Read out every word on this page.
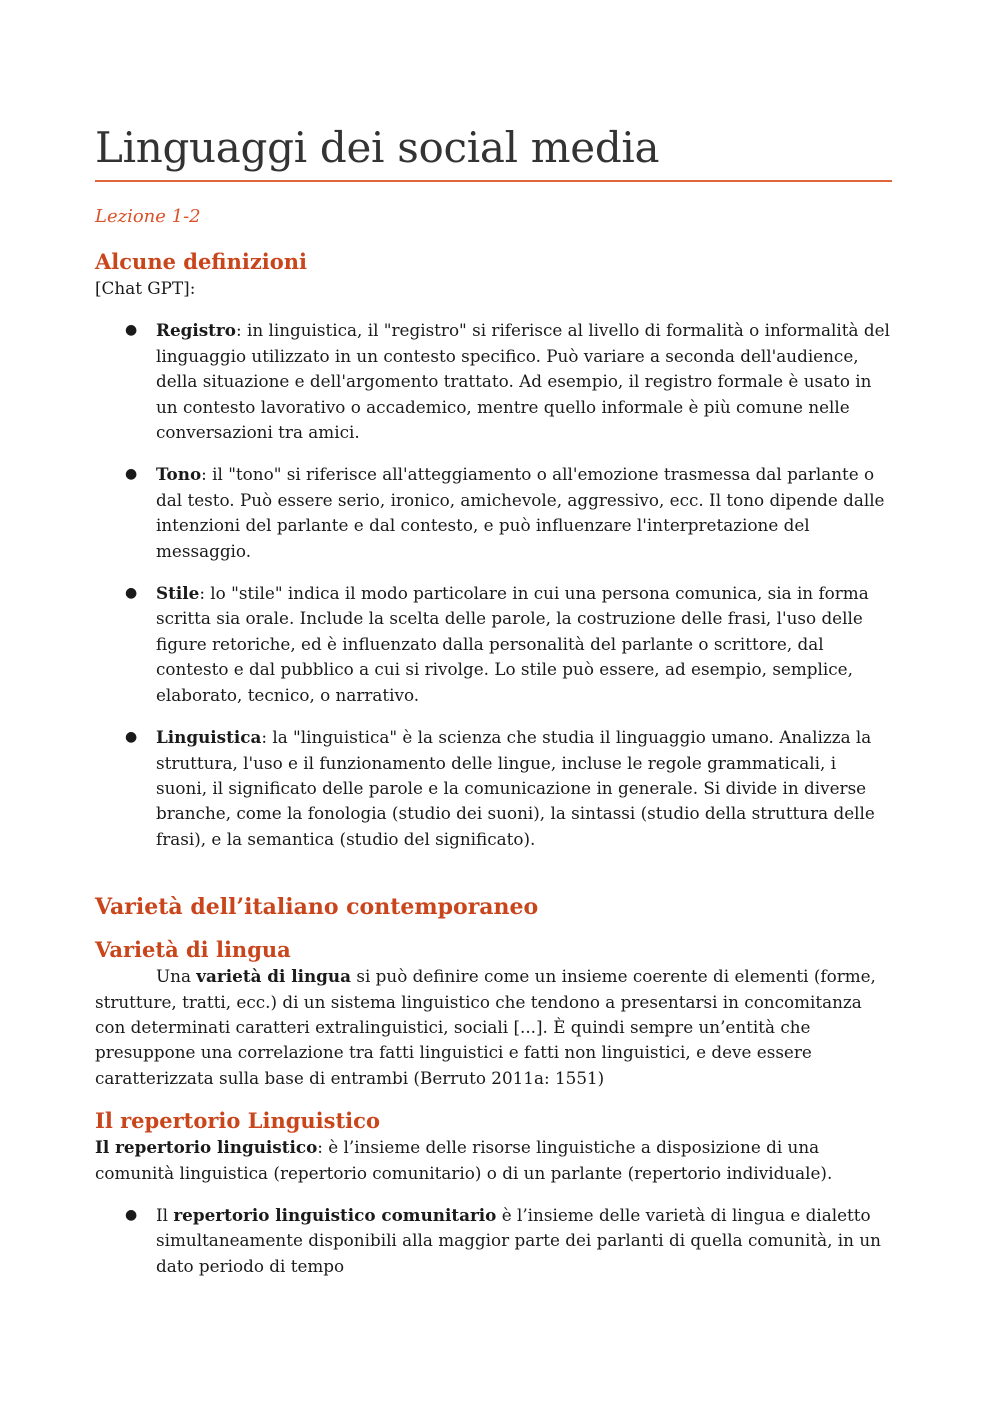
Linguaggi dei social media

Lezione 1-2

Alcune definizioni

[Chat GPT]:

● Registro: in linguistica, il "registro" si riferisce al livello di formalità o informalità del linguaggio utilizzato in un contesto specifico. Può variare a seconda dell'audience, della situazione e dell'argomento trattato. Ad esempio, il registro formale è usato in un contesto lavorativo o accademico, mentre quello informale è più comune nelle conversazioni tra amici.
● Tono: il "tono" si riferisce all'atteggiamento o all'emozione trasmessa dal parlante o dal testo. Può essere serio, ironico, amichevole, aggressivo, ecc. Il tono dipende dalle intenzioni del parlante e dal contesto, e può influenzare l'interpretazione del messaggio.
● Stile: lo "stile" indica il modo particolare in cui una persona comunica, sia in forma scritta sia orale. Include la scelta delle parole, la costruzione delle frasi, l'uso delle figure retoriche, ed è influenzato dalla personalità del parlante o scrittore, dal contesto e dal pubblico a cui si rivolge. Lo stile può essere, ad esempio, semplice, elaborato, tecnico, o narrativo.
● Linguistica: la "linguistica" è la scienza che studia il linguaggio umano. Analizza la struttura, l'uso e il funzionamento delle lingue, incluse le regole grammaticali, i suoni, il significato delle parole e la comunicazione in generale. Si divide in diverse branche, come la fonologia (studio dei suoni), la sintassi (studio della struttura delle frasi), e la semantica (studio del significato).
Varietà dell’italiano contemporaneo
Varietà di lingua

Una varietà di lingua si può definire come un insieme coerente di elementi (forme, strutture, tratti, ecc.) di un sistema linguistico che tendono a presentarsi in concomitanza con determinati caratteri extralinguistici, sociali [...]. È quindi sempre un’entità che presuppone una correlazione tra fatti linguistici e fatti non linguistici, e deve essere caratterizzata sulla base di entrambi (Berruto 2011a: 1551)

Il repertorio Linguistico

Il repertorio linguistico: è l’insieme delle risorse linguistiche a disposizione di una comunità linguistica (repertorio comunitario) o di un parlante (repertorio individuale).

● Il repertorio linguistico comunitario è l’insieme delle varietà di lingua e dialetto simultaneamente disponibili alla maggior parte dei parlanti di quella comunità, in un dato periodo di tempo
